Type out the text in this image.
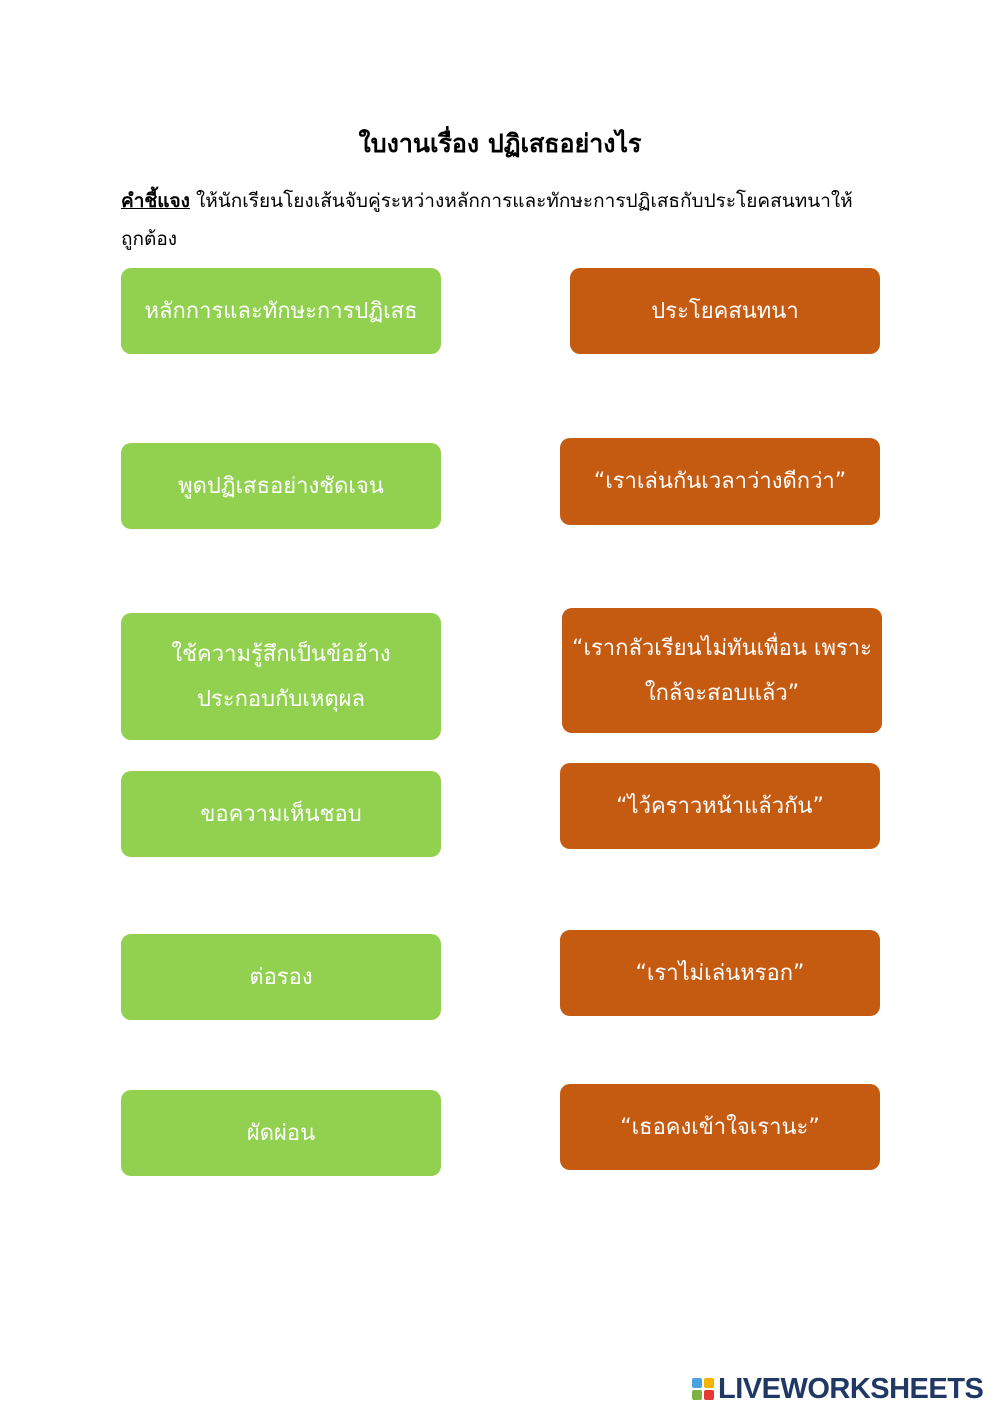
ใบงานเรื่อง ปฏิเสธอย่างไร
คำชี้แจง ให้นักเรียนโยงเส้นจับคู่ระหว่างหลักการและทักษะการปฏิเสธกับประโยคสนทนาให้ถูกต้อง
หลักการและทักษะการปฏิเสธ
พูดปฏิเสธอย่างชัดเจน
ใช้ความรู้สึกเป็นข้ออ้าง ประกอบกับเหตุผล
ขอความเห็นชอบ
ต่อรอง
ผัดผ่อน
ประโยคสนทนา
“เราเล่นกันเวลาว่างดีกว่า”
“เรากลัวเรียนไม่ทันเพื่อน เพราะใกล้จะสอบแล้ว”
“ไว้คราวหน้าแล้วกัน”
“เราไม่เล่นหรอก”
“เธอคงเข้าใจเรานะ”
LIVEWORKSHEETS
